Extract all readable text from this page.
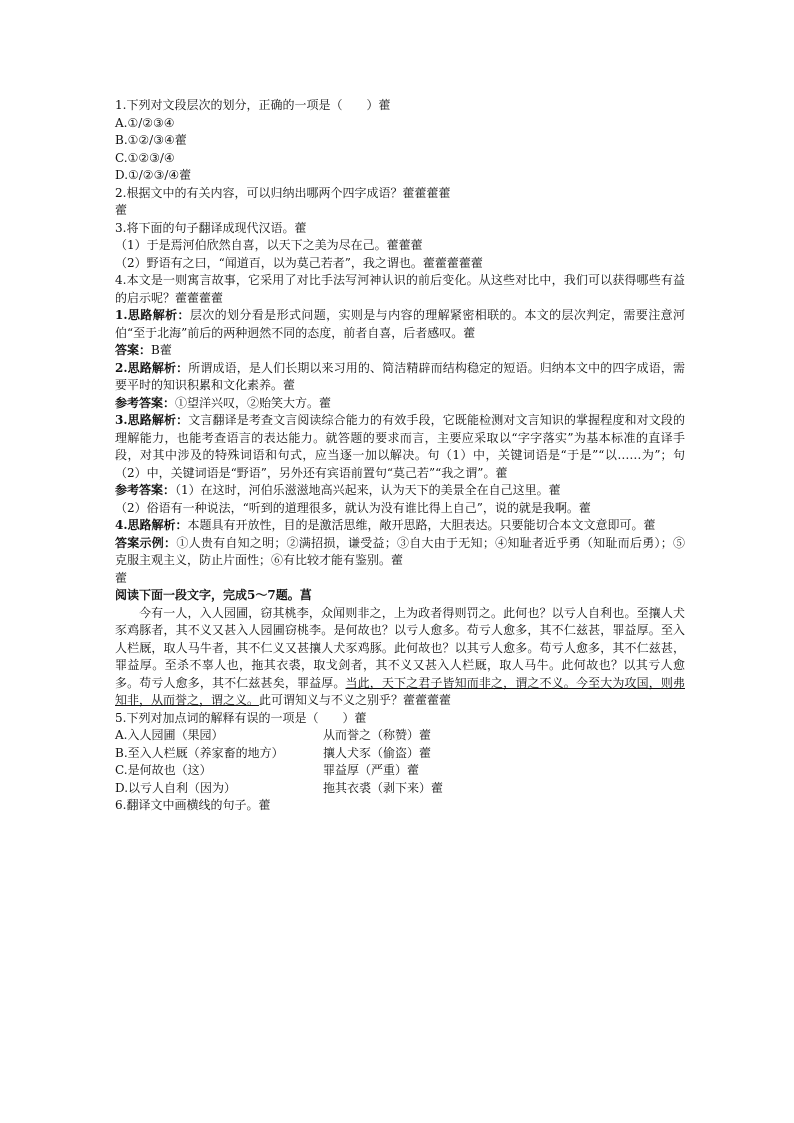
1.下列对文段层次的划分，正确的一项是（　　）藿
A.①/②③④
B.①②/③④藿
C.①②③/④
D.①/②③/④藿
2.根据文中的有关内容，可以归纳出哪两个四字成语？藿藿藿藿
藿
3.将下面的句子翻译成现代汉语。藿
（1）于是焉河伯欣然自喜，以天下之美为尽在己。藿藿藿
（2）野语有之曰，“闻道百，以为莫己若者”，我之谓也。藿藿藿藿藿
4.本文是一则寓言故事，它采用了对比手法写河神认识的前后变化。从这些对比中，我们可以获得哪些有益的启示呢？藿藿藿藿
1.思路解析：层次的划分看是形式问题，实则是与内容的理解紧密相联的。本文的层次判定，需要注意河伯“至于北海”前后的两种迥然不同的态度，前者自喜，后者感叹。藿
答案：B藿
2.思路解析：所谓成语，是人们长期以来习用的、简洁精辟而结构稳定的短语。归纳本文中的四字成语，需要平时的知识积累和文化素养。藿
参考答案：①望洋兴叹，②贻笑大方。藿
3.思路解析：文言翻译是考查文言阅读综合能力的有效手段，它既能检测对文言知识的掌握程度和对文段的理解能力，也能考查语言的表达能力。就答题的要求而言，主要应采取以“字字落实”为基本标准的直译手段，对其中涉及的特殊词语和句式，应当逐一加以解决。句（1）中，关键词语是“于是”“以……为”；句（2）中，关键词语是“野语”，另外还有宾语前置句“莫己若”“我之谓”。藿
参考答案：（1）在这时，河伯乐滋滋地高兴起来，认为天下的美景全在自己这里。藿
（2）俗语有一种说法，“听到的道理很多，就认为没有谁比得上自己”，说的就是我啊。藿
4.思路解析：本题具有开放性，目的是激活思维，敞开思路，大胆表达。只要能切合本文文意即可。藿
答案示例：①人贵有自知之明；②满招损，谦受益；③自大由于无知；④知耻者近乎勇（知耻而后勇）；⑤克服主观主义，防止片面性；⑥有比较才能有鉴别。藿
藿
阅读下面一段文字，完成5～7题。菖
今有一人，入人园圃，窃其桃李，众闻则非之，上为政者得则罚之。此何也？以亏人自利也。至攘人犬豕鸡豚者，其不义又甚入人园圃窃桃李。是何故也？以亏人愈多。苟亏人愈多，其不仁兹甚，罪益厚。至入人栏厩，取人马牛者，其不仁义又甚攘人犬豕鸡豚。此何故也？以其亏人愈多。苟亏人愈多，其不仁兹甚，罪益厚。至杀不辜人也，拖其衣裘，取戈剑者，其不义又甚入人栏厩，取人马牛。此何故也？以其亏人愈多。苟亏人愈多，其不仁兹甚矣，罪益厚。当此，天下之君子皆知而非之，谓之不义。今至大为攻国，则弗知非，从而誉之，谓之义。此可谓知义与不义之别乎？藿藿藿藿
5.下列对加点词的解释有误的一项是（　　）藿
A.入人园圃（果园）	从而誉之（称赞）藿
B.至入人栏厩（养家畜的地方）	攘人犬豕（偷盗）藿
C.是何故也（这）	罪益厚（严重）藿
D.以亏人自利（因为）	拖其衣裘（剥下来）藿
6.翻译文中画横线的句子。藿
